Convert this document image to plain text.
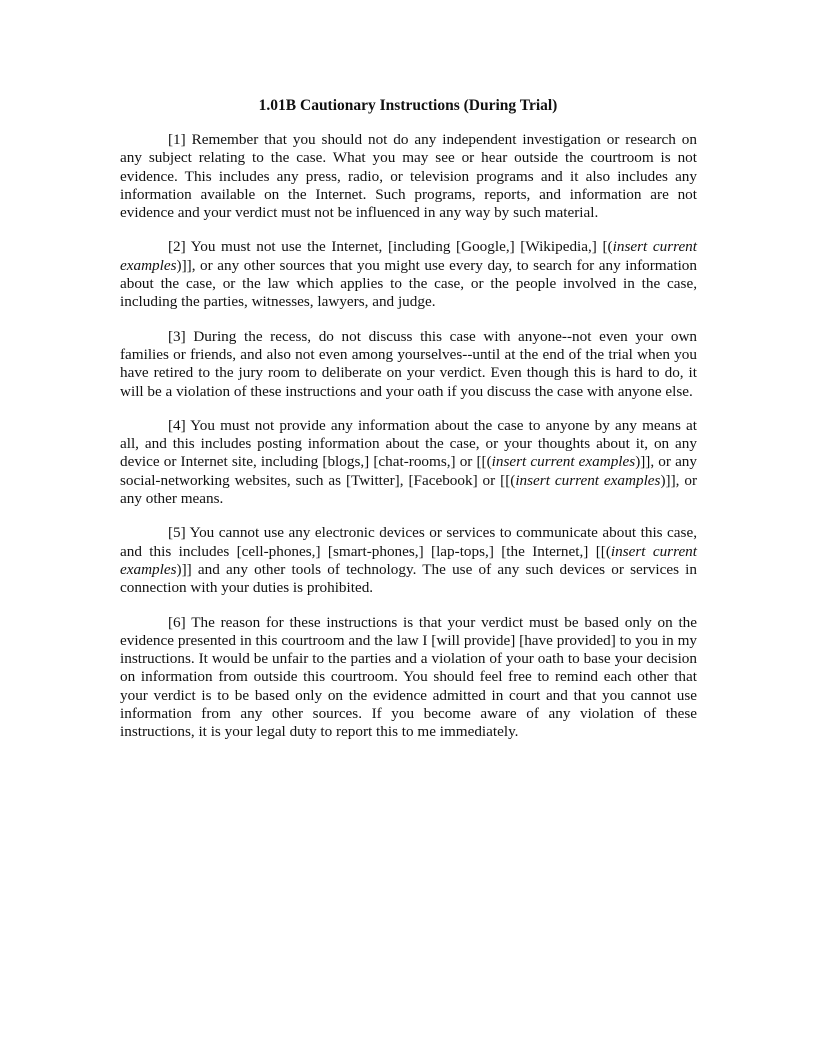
1.01B Cautionary Instructions (During Trial)

[1] Remember that you should not do any independent investigation or research on any subject relating to the case. What you may see or hear outside the courtroom is not evidence. This includes any press, radio, or television programs and it also includes any information available on the Internet. Such programs, reports, and information are not evidence and your verdict must not be influenced in any way by such material.

[2] You must not use the Internet, [including [Google,] [Wikipedia,] [(insert current examples)]], or any other sources that you might use every day, to search for any information about the case, or the law which applies to the case, or the people involved in the case, including the parties, witnesses, lawyers, and judge.

[3] During the recess, do not discuss this case with anyone--not even your own families or friends, and also not even among yourselves--until at the end of the trial when you have retired to the jury room to deliberate on your verdict. Even though this is hard to do, it will be a violation of these instructions and your oath if you discuss the case with anyone else.

[4] You must not provide any information about the case to anyone by any means at all, and this includes posting information about the case, or your thoughts about it, on any device or Internet site, including [blogs,] [chat-rooms,] or [[(insert current examples)]], or any social-networking websites, such as [Twitter], [Facebook] or [[(insert current examples)]], or any other means.

[5] You cannot use any electronic devices or services to communicate about this case, and this includes [cell-phones,] [smart-phones,] [lap-tops,] [the Internet,] [[(insert current examples)]] and any other tools of technology. The use of any such devices or services in connection with your duties is prohibited.

[6] The reason for these instructions is that your verdict must be based only on the evidence presented in this courtroom and the law I [will provide] [have provided] to you in my instructions. It would be unfair to the parties and a violation of your oath to base your decision on information from outside this courtroom. You should feel free to remind each other that your verdict is to be based only on the evidence admitted in court and that you cannot use information from any other sources. If you become aware of any violation of these instructions, it is your legal duty to report this to me immediately.
